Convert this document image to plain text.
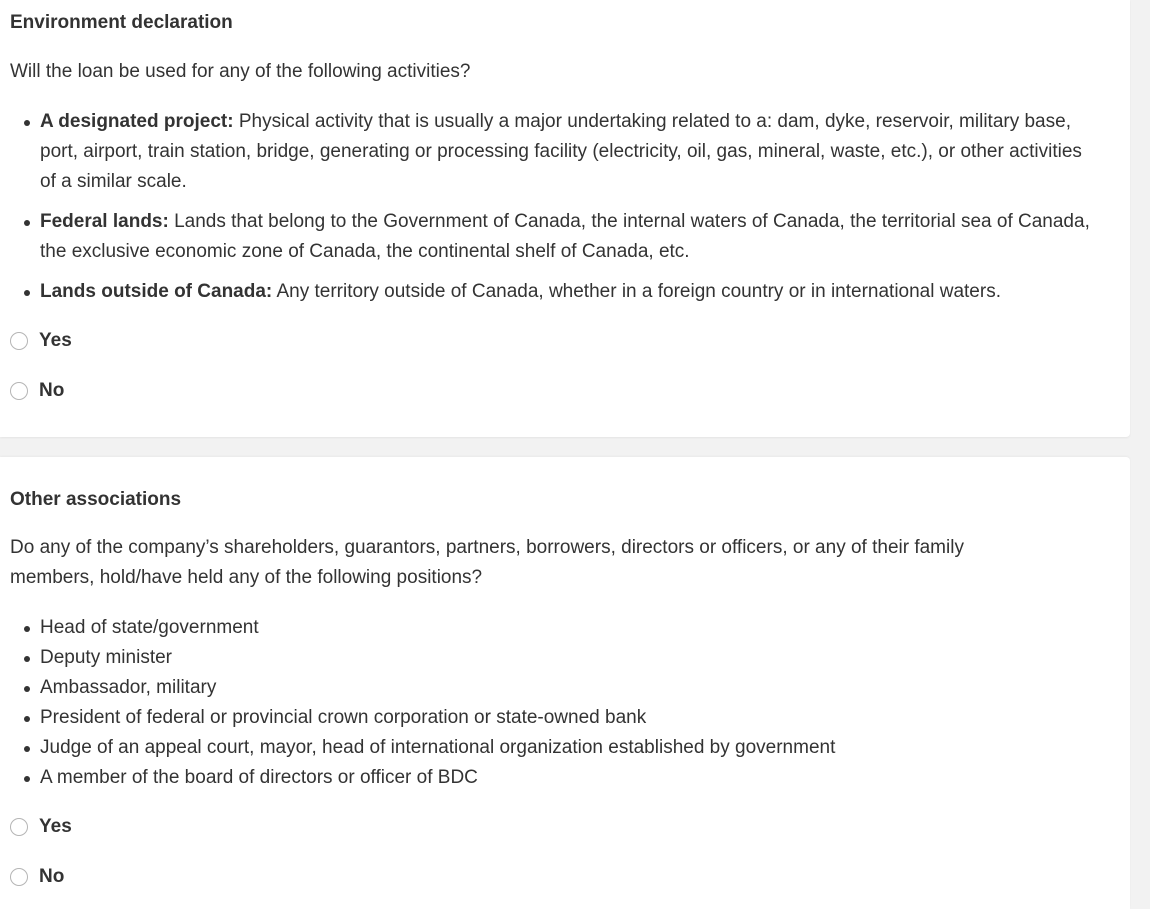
Environment declaration

Will the loan be used for any of the following activities?

A designated project: Physical activity that is usually a major undertaking related to a: dam, dyke, reservoir, military base, port, airport, train station, bridge, generating or processing facility (electricity, oil, gas, mineral, waste, etc.), or other activities of a similar scale.
Federal lands: Lands that belong to the Government of Canada, the internal waters of Canada, the territorial sea of Canada, the exclusive economic zone of Canada, the continental shelf of Canada, etc.
Lands outside of Canada: Any territory outside of Canada, whether in a foreign country or in international waters.
Yes
No
Other associations

Do any of the company’s shareholders, guarantors, partners, borrowers, directors or officers, or any of their family members, hold/have held any of the following positions?

Head of state/government
Deputy minister
Ambassador, military
President of federal or provincial crown corporation or state-owned bank
Judge of an appeal court, mayor, head of international organization established by government
A member of the board of directors or officer of BDC
Yes
No
